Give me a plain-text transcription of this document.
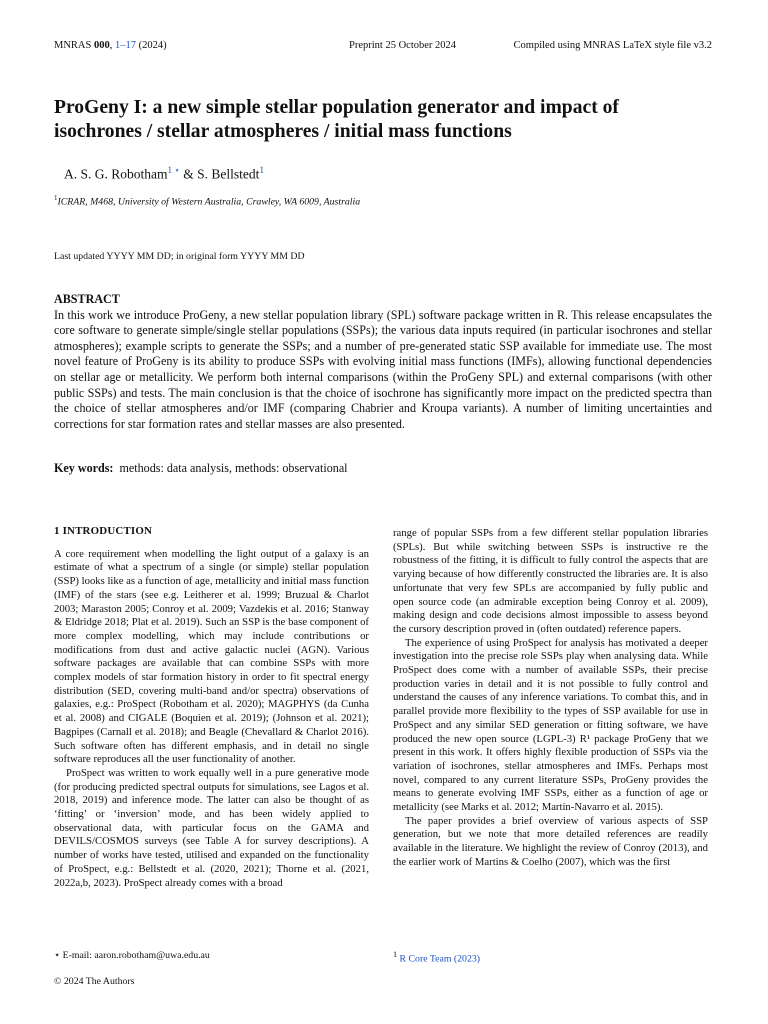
MNRAS 000, 1–17 (2024)	Preprint 25 October 2024	Compiled using MNRAS LaTeX style file v3.2
ProGeny I: a new simple stellar population generator and impact of isochrones / stellar atmospheres / initial mass functions
A. S. G. Robotham$^{1 ⋆}$ & S. Bellstedt$^1$
$^1$ICRAR, M468, University of Western Australia, Crawley, WA 6009, Australia
Last updated YYYY MM DD; in original form YYYY MM DD
ABSTRACT

In this work we introduce ProGeny, a new stellar population library (SPL) software package written in R. This release encapsulates the core software to generate simple/single stellar populations (SSPs); the various data inputs required (in particular isochrones and stellar atmospheres); example scripts to generate the SSPs; and a number of pre-generated static SSP available for immediate use. The most novel feature of ProGeny is its ability to produce SSPs with evolving initial mass functions (IMFs), allowing functional dependencies on stellar age or metallicity. We perform both internal comparisons (within the ProGeny SPL) and external comparisons (with other public SSPs) and tests. The main conclusion is that the choice of isochrone has significantly more impact on the predicted spectra than the choice of stellar atmospheres and/or IMF (comparing Chabrier and Kroupa variants). A number of limiting uncertainties and corrections for star formation rates and stellar masses are also presented.

Key words: methods: data analysis, methods: observational
1 INTRODUCTION

A core requirement when modelling the light output of a galaxy is an estimate of what a spectrum of a single (or simple) stellar population (SSP) looks like as a function of age, metallicity and initial mass function (IMF) of the stars (see e.g. Leitherer et al. 1999; Bruzual & Charlot 2003; Maraston 2005; Conroy et al. 2009; Vazdekis et al. 2016; Stanway & Eldridge 2018; Plat et al. 2019). Such an SSP is the base component of more complex modelling, which may include contributions or modifications from dust and active galactic nuclei (AGN). Various software packages are available that can combine SSPs with more complex models of star formation history in order to fit spectral energy distribution (SED, covering multi-band and/or spectra) observations of galaxies, e.g.: ProSpect (Robotham et al. 2020); MAGPHYS (da Cunha et al. 2008) and CIGALE (Boquien et al. 2019); (Johnson et al. 2021); Bagpipes (Carnall et al. 2018); and Beagle (Chevallard & Charlot 2016). Such software often has different emphasis, and in detail no single software reproduces all the user functionality of another.

ProSpect was written to work equally well in a pure generative mode (for producing predicted spectral outputs for simulations, see Lagos et al. 2018, 2019) and inference mode. The latter can also be thought of as ‘fitting’ or ‘inversion’ mode, and has been widely applied to observational data, with particular focus on the GAMA and DEVILS/COSMOS surveys (see Table A for survey descriptions). A number of works have tested, utilised and expanded on the functionality of ProSpect, e.g.: Bellstedt et al. (2020, 2021); Thorne et al. (2021, 2022a,b, 2023). ProSpect already comes with a broad

range of popular SSPs from a few different stellar population libraries (SPLs). But while switching between SSPs is instructive re the robustness of the fitting, it is difficult to fully control the aspects that are varying because of how differently constructed the libraries are. It is also unfortunate that very few SPLs are accompanied by fully public and open source code (an admirable exception being Conroy et al. 2009), making design and code decisions almost impossible to assess beyond the cursory description proved in (often outdated) reference papers.

The experience of using ProSpect for analysis has motivated a deeper investigation into the precise role SSPs play when analysing data. While ProSpect does come with a number of available SSPs, their precise production varies in detail and it is not possible to fully control and understand the causes of any inference variations. To combat this, and in parallel provide more flexibility to the types of SSP available for use in ProSpect and any similar SED generation or fitting software, we have produced the new open source (LGPL-3) R¹ package ProGeny that we present in this work. It offers highly flexible production of SSPs via the variation of isochrones, stellar atmospheres and IMFs. Perhaps most novel, compared to any current literature SSPs, ProGeny provides the means to generate evolving IMF SSPs, either as a function of age or metallicity (see Marks et al. 2012; Martín-Navarro et al. 2015).

The paper provides a brief overview of various aspects of SSP generation, but we note that more detailed references are readily available in the literature. We highlight the review of Conroy (2013), and the earlier work of Martins & Coelho (2007), which was the first

⋆ E-mail: aaron.robotham@uwa.edu.au	$^1$ R Core Team (2023)
© 2024 The Authors
